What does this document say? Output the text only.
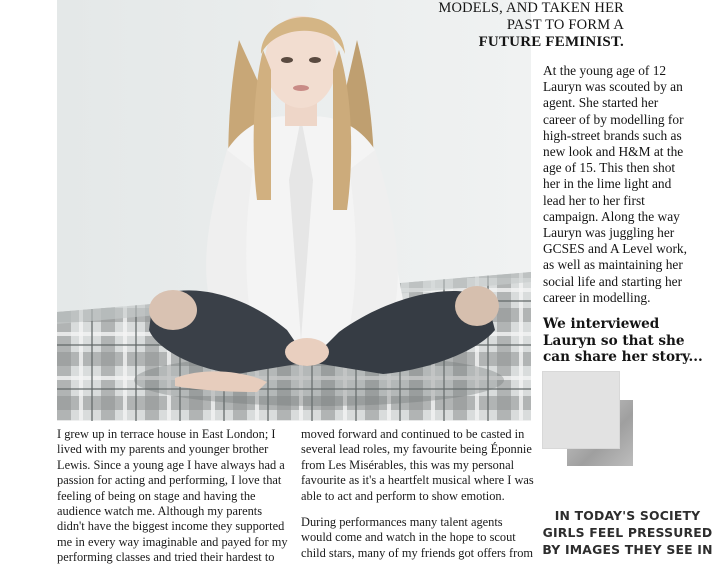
MODELS, AND TAKEN HER
PAST TO FORM A
FUTURE FEMINIST.
At the young age of 12 Lauryn was scouted by an agent. She started her career of by modelling for high-street brands such as new look and H&M at the age of 15. This then shot her in the lime light and lead her to her first campaign. Along the way Lauryn was juggling her GCSES and A Level work, as well as maintaining her social life and starting her career in modelling.
We interviewed Lauryn so that she can share her story...
IN TODAY'S SOCIETY
GIRLS FEEL PRESSURED
BY IMAGES THEY SEE IN

I grew up in terrace house in East London; I lived with my parents and younger brother Lewis. Since a young age I have always had a passion for acting and performing, I love that feeling of being on stage and having the audience watch me. Although my parents didn't have the biggest income they supported me in every way imaginable and payed for my performing classes and tried their hardest to

moved forward and continued to be casted in several lead roles, my favourite being Éponnie from Les Misérables, this was my personal favourite as it's a heartfelt musical where I was able to act and perform to show emotion.

During performances many talent agents would come and watch in the hope to scout child stars, many of my friends got offers from
